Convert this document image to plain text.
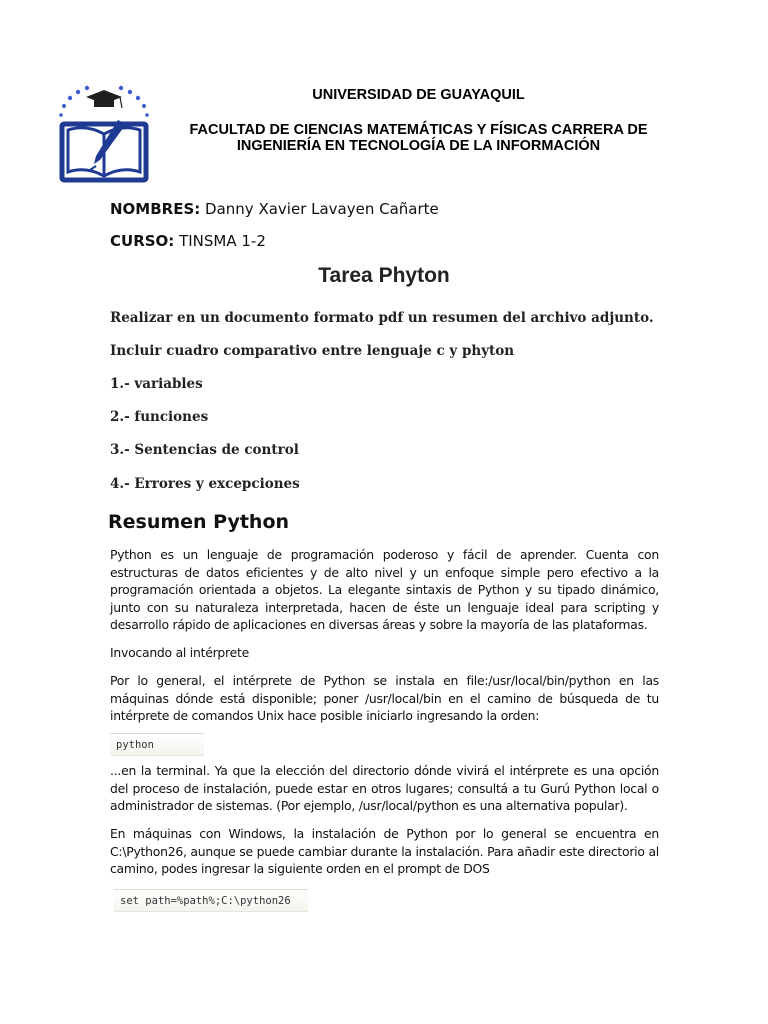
UNIVERSIDAD DE GUAYAQUIL
FACULTAD DE CIENCIAS MATEMÁTICAS Y FÍSICAS CARRERA DE
INGENIERÍA EN TECNOLOGÍA DE LA INFORMACIÓN
NOMBRES: Danny Xavier Lavayen Cañarte
CURSO: TINSMA 1-2
Tarea Phyton
Realizar en un documento formato pdf un resumen del archivo adjunto.
Incluir cuadro comparativo entre lenguaje c y phyton
1.- variables
2.- funciones
3.- Sentencias de control
4.- Errores y excepciones
Resumen Python
Python es un lenguaje de programación poderoso y fácil de aprender. Cuenta con estructuras de datos eficientes y de alto nivel y un enfoque simple pero efectivo a la programación orientada a objetos. La elegante sintaxis de Python y su tipado dinámico, junto con su naturaleza interpretada, hacen de éste un lenguaje ideal para scripting y desarrollo rápido de aplicaciones en diversas áreas y sobre la mayoría de las plataformas.
Invocando al intérprete
Por lo general, el intérprete de Python se instala en file:/usr/local/bin/python en las máquinas dónde está disponible; poner /usr/local/bin en el camino de búsqueda de tu intérprete de comandos Unix hace posible iniciarlo ingresando la orden:
python
...en la terminal. Ya que la elección del directorio dónde vivirá el intérprete es una opción del proceso de instalación, puede estar en otros lugares; consultá a tu Gurú Python local o administrador de sistemas. (Por ejemplo, /usr/local/python es una alternativa popular).
En máquinas con Windows, la instalación de Python por lo general se encuentra en C:\Python26, aunque se puede cambiar durante la instalación. Para añadir este directorio al camino, podes ingresar la siguiente orden en el prompt de DOS
set path=%path%;C:\python26
